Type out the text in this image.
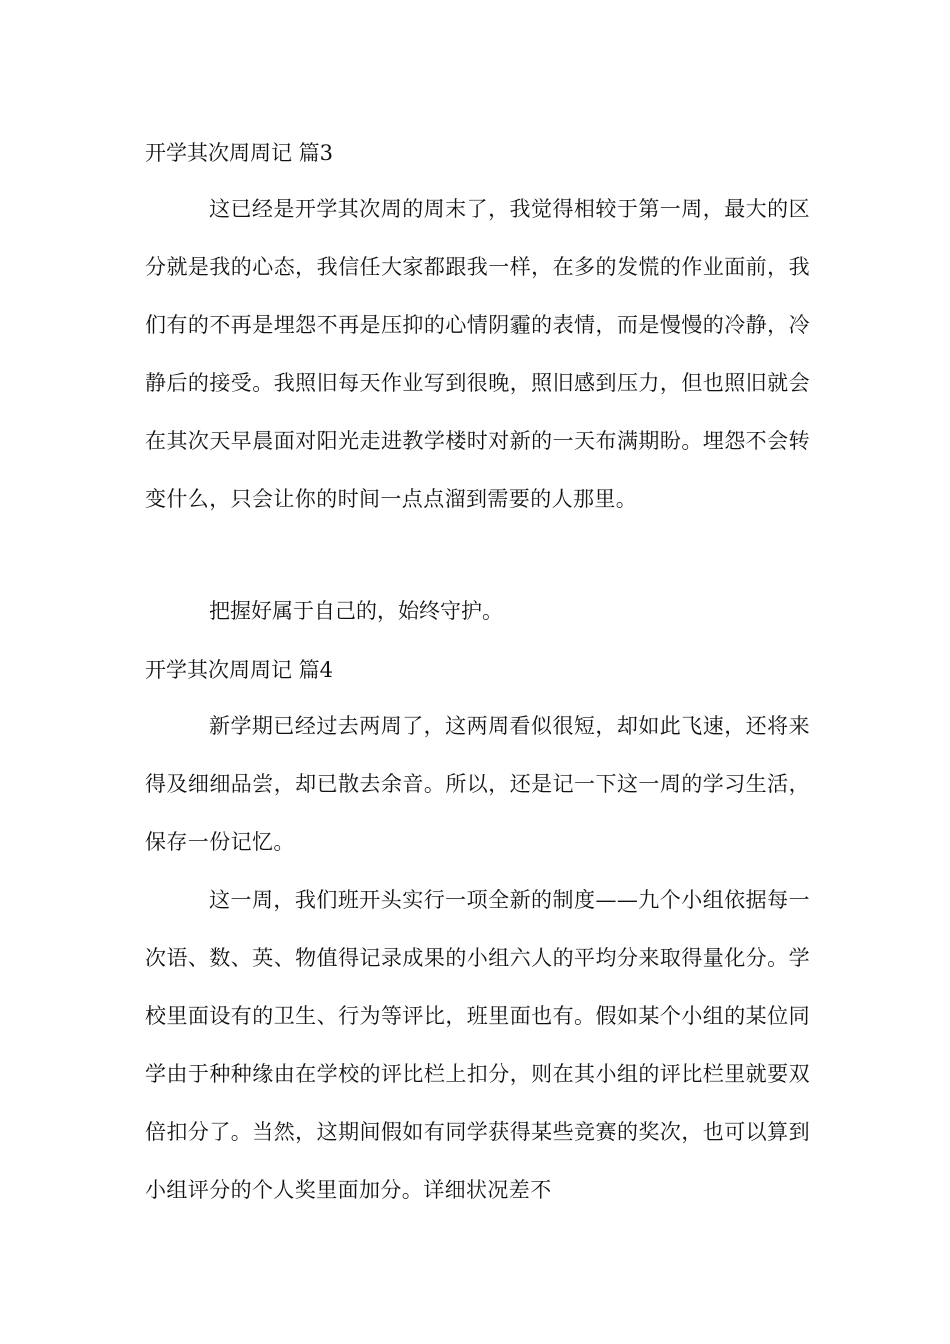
开学其次周周记 篇3
这已经是开学其次周的周末了，我觉得相较于第一周，最大的区分就是我的心态，我信任大家都跟我一样，在多的发慌的作业面前，我们有的不再是埋怨不再是压抑的心情阴霾的表情，而是慢慢的冷静，冷静后的接受。我照旧每天作业写到很晚，照旧感到压力，但也照旧就会在其次天早晨面对阳光走进教学楼时对新的一天布满期盼。埋怨不会转变什么，只会让你的时间一点点溜到需要的人那里。
把握好属于自己的，始终守护。
开学其次周周记 篇4
新学期已经过去两周了，这两周看似很短，却如此飞速，还将来得及细细品尝，却已散去余音。所以，还是记一下这一周的学习生活，保存一份记忆。
这一周，我们班开头实行一项全新的制度——九个小组依据每一次语、数、英、物值得记录成果的小组六人的平均分来取得量化分。学校里面设有的卫生、行为等评比，班里面也有。假如某个小组的某位同学由于种种缘由在学校的评比栏上扣分，则在其小组的评比栏里就要双倍扣分了。当然，这期间假如有同学获得某些竞赛的奖次，也可以算到小组评分的个人奖里面加分。详细状况差不
